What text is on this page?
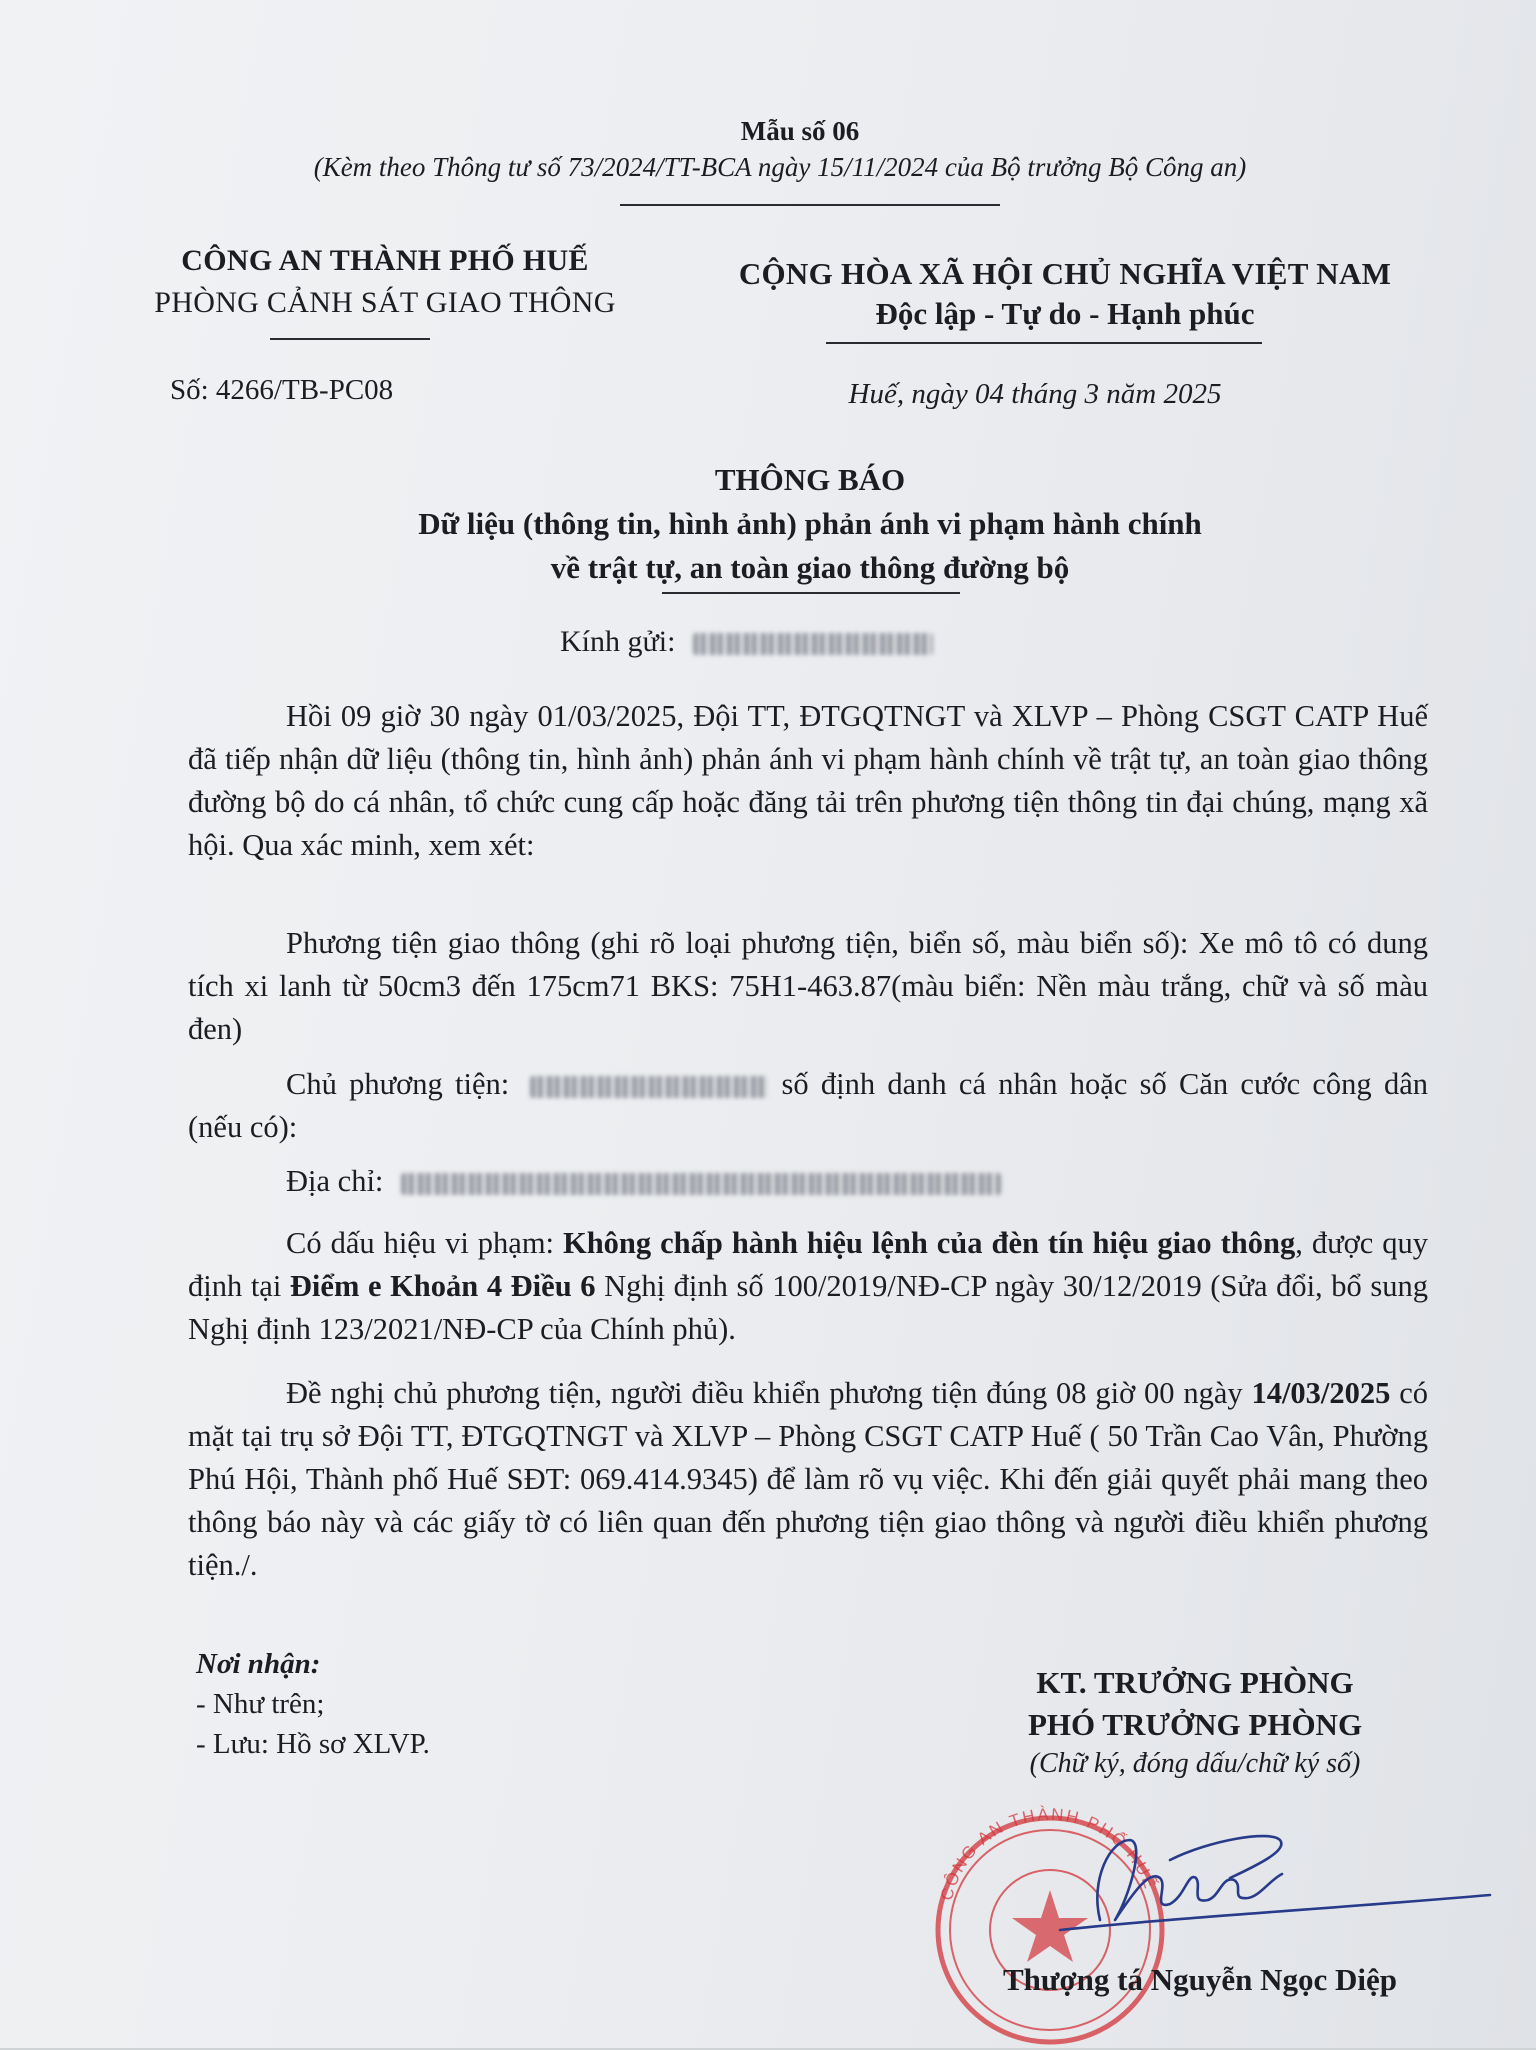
Mẫu số 06
(Kèm theo Thông tư số 73/2024/TT-BCA ngày 15/11/2024 của Bộ trưởng Bộ Công an)
CÔNG AN THÀNH PHỐ HUẾ
PHÒNG CẢNH SÁT GIAO THÔNG
CỘNG HÒA XÃ HỘI CHỦ NGHĨA VIỆT NAM
Độc lập - Tự do - Hạnh phúc
Số: 4266/TB-PC08	Huế, ngày 04 tháng 3 năm 2025
THÔNG BÁO
Dữ liệu (thông tin, hình ảnh) phản ánh vi phạm hành chính
về trật tự, an toàn giao thông đường bộ
Kính gửi:
Hồi 09 giờ 30 ngày 01/03/2025, Đội TT, ĐTGQTNGT và XLVP – Phòng CSGT CATP Huế đã tiếp nhận dữ liệu (thông tin, hình ảnh) phản ánh vi phạm hành chính về trật tự, an toàn giao thông đường bộ do cá nhân, tổ chức cung cấp hoặc đăng tải trên phương tiện thông tin đại chúng, mạng xã hội. Qua xác minh, xem xét:
Phương tiện giao thông (ghi rõ loại phương tiện, biển số, màu biển số): Xe mô tô có dung tích xi lanh từ 50cm3 đến 175cm71 BKS: 75H1-463.87(màu biển: Nền màu trắng, chữ và số màu đen)
Chủ phương tiện:	số định danh cá nhân hoặc số Căn cước công dân (nếu có):
Địa chỉ:
Có dấu hiệu vi phạm: Không chấp hành hiệu lệnh của đèn tín hiệu giao thông, được quy định tại Điểm e Khoản 4 Điều 6 Nghị định số 100/2019/NĐ-CP ngày 30/12/2019 (Sửa đổi, bổ sung Nghị định 123/2021/NĐ-CP của Chính phủ).
Đề nghị chủ phương tiện, người điều khiển phương tiện đúng 08 giờ 00 ngày 14/03/2025 có mặt tại trụ sở Đội TT, ĐTGQTNGT và XLVP – Phòng CSGT CATP Huế ( 50 Trần Cao Vân, Phường Phú Hội, Thành phố Huế SĐT: 069.414.9345) để làm rõ vụ việc. Khi đến giải quyết phải mang theo thông báo này và các giấy tờ có liên quan đến phương tiện giao thông và người điều khiển phương tiện./.
Nơi nhận:
- Như trên;
- Lưu: Hồ sơ XLVP.
KT. TRƯỞNG PHÒNG
PHÓ TRƯỞNG PHÒNG
(Chữ ký, đóng dấu/chữ ký số)
CÔNG AN THÀNH PHỐ HUẾ
Thượng tá Nguyễn Ngọc Diệp
